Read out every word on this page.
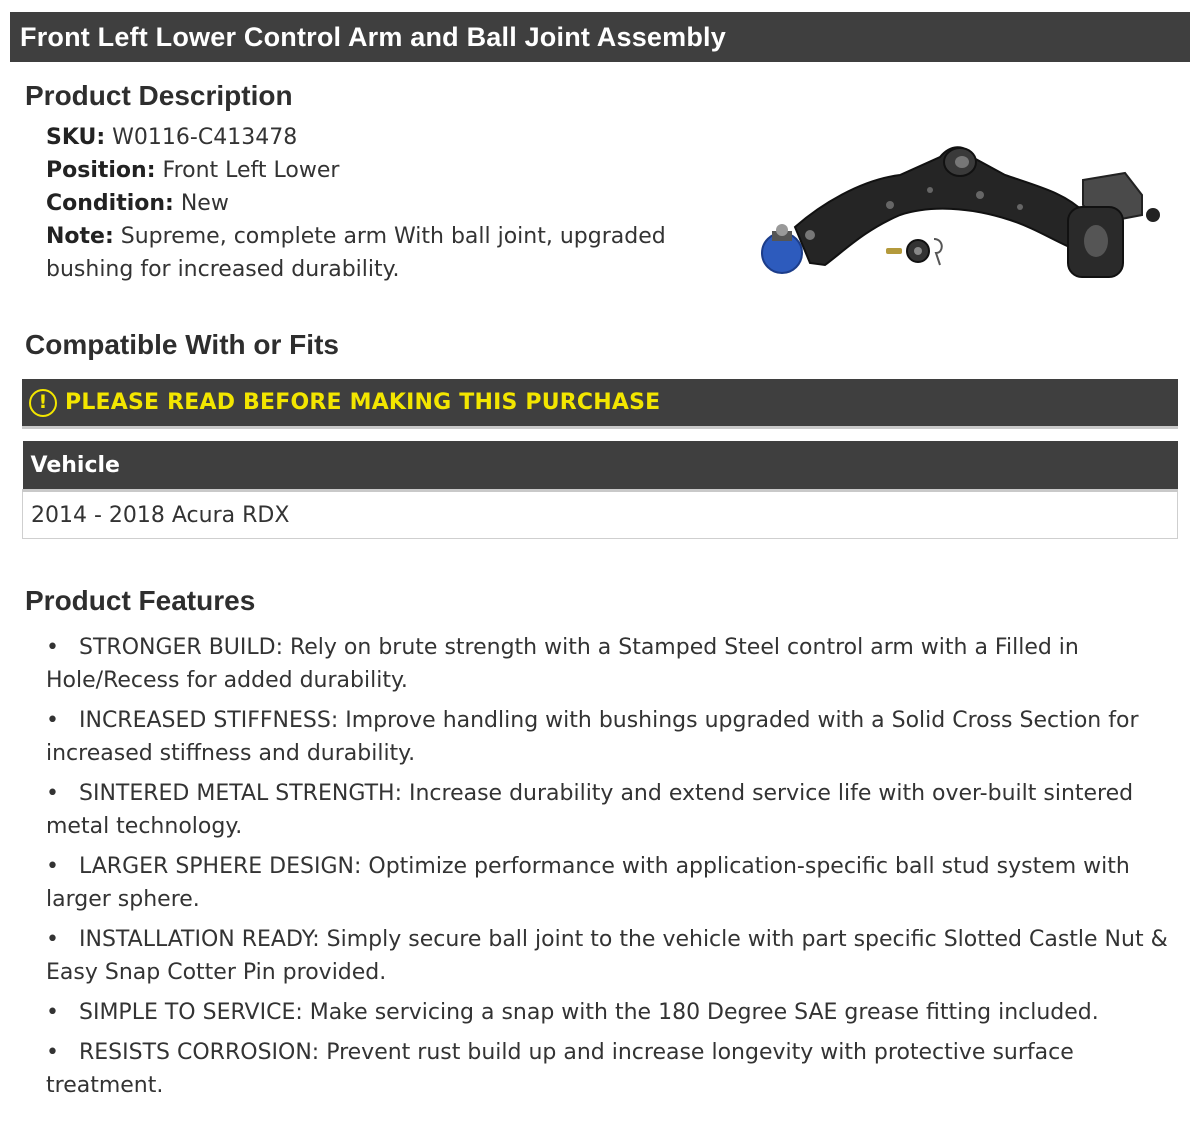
Front Left Lower Control Arm and Ball Joint Assembly
Product Description
SKU: W0116-C413478
Position: Front Left Lower
Condition: New
Note: Supreme, complete arm With ball joint, upgraded bushing for increased durability.
Compatible With or Fits
! PLEASE READ BEFORE MAKING THIS PURCHASE
Vehicle
2014 - 2018 Acura RDX
Product Features
• STRONGER BUILD: Rely on brute strength with a Stamped Steel control arm with a Filled in Hole/Recess for added durability.
• INCREASED STIFFNESS: Improve handling with bushings upgraded with a Solid Cross Section for increased stiffness and durability.
• SINTERED METAL STRENGTH: Increase durability and extend service life with over-built sintered metal technology.
• LARGER SPHERE DESIGN: Optimize performance with application-specific ball stud system with larger sphere.
• INSTALLATION READY: Simply secure ball joint to the vehicle with part specific Slotted Castle Nut & Easy Snap Cotter Pin provided.
• SIMPLE TO SERVICE: Make servicing a snap with the 180 Degree SAE grease fitting included.
• RESISTS CORROSION: Prevent rust build up and increase longevity with protective surface treatment.
